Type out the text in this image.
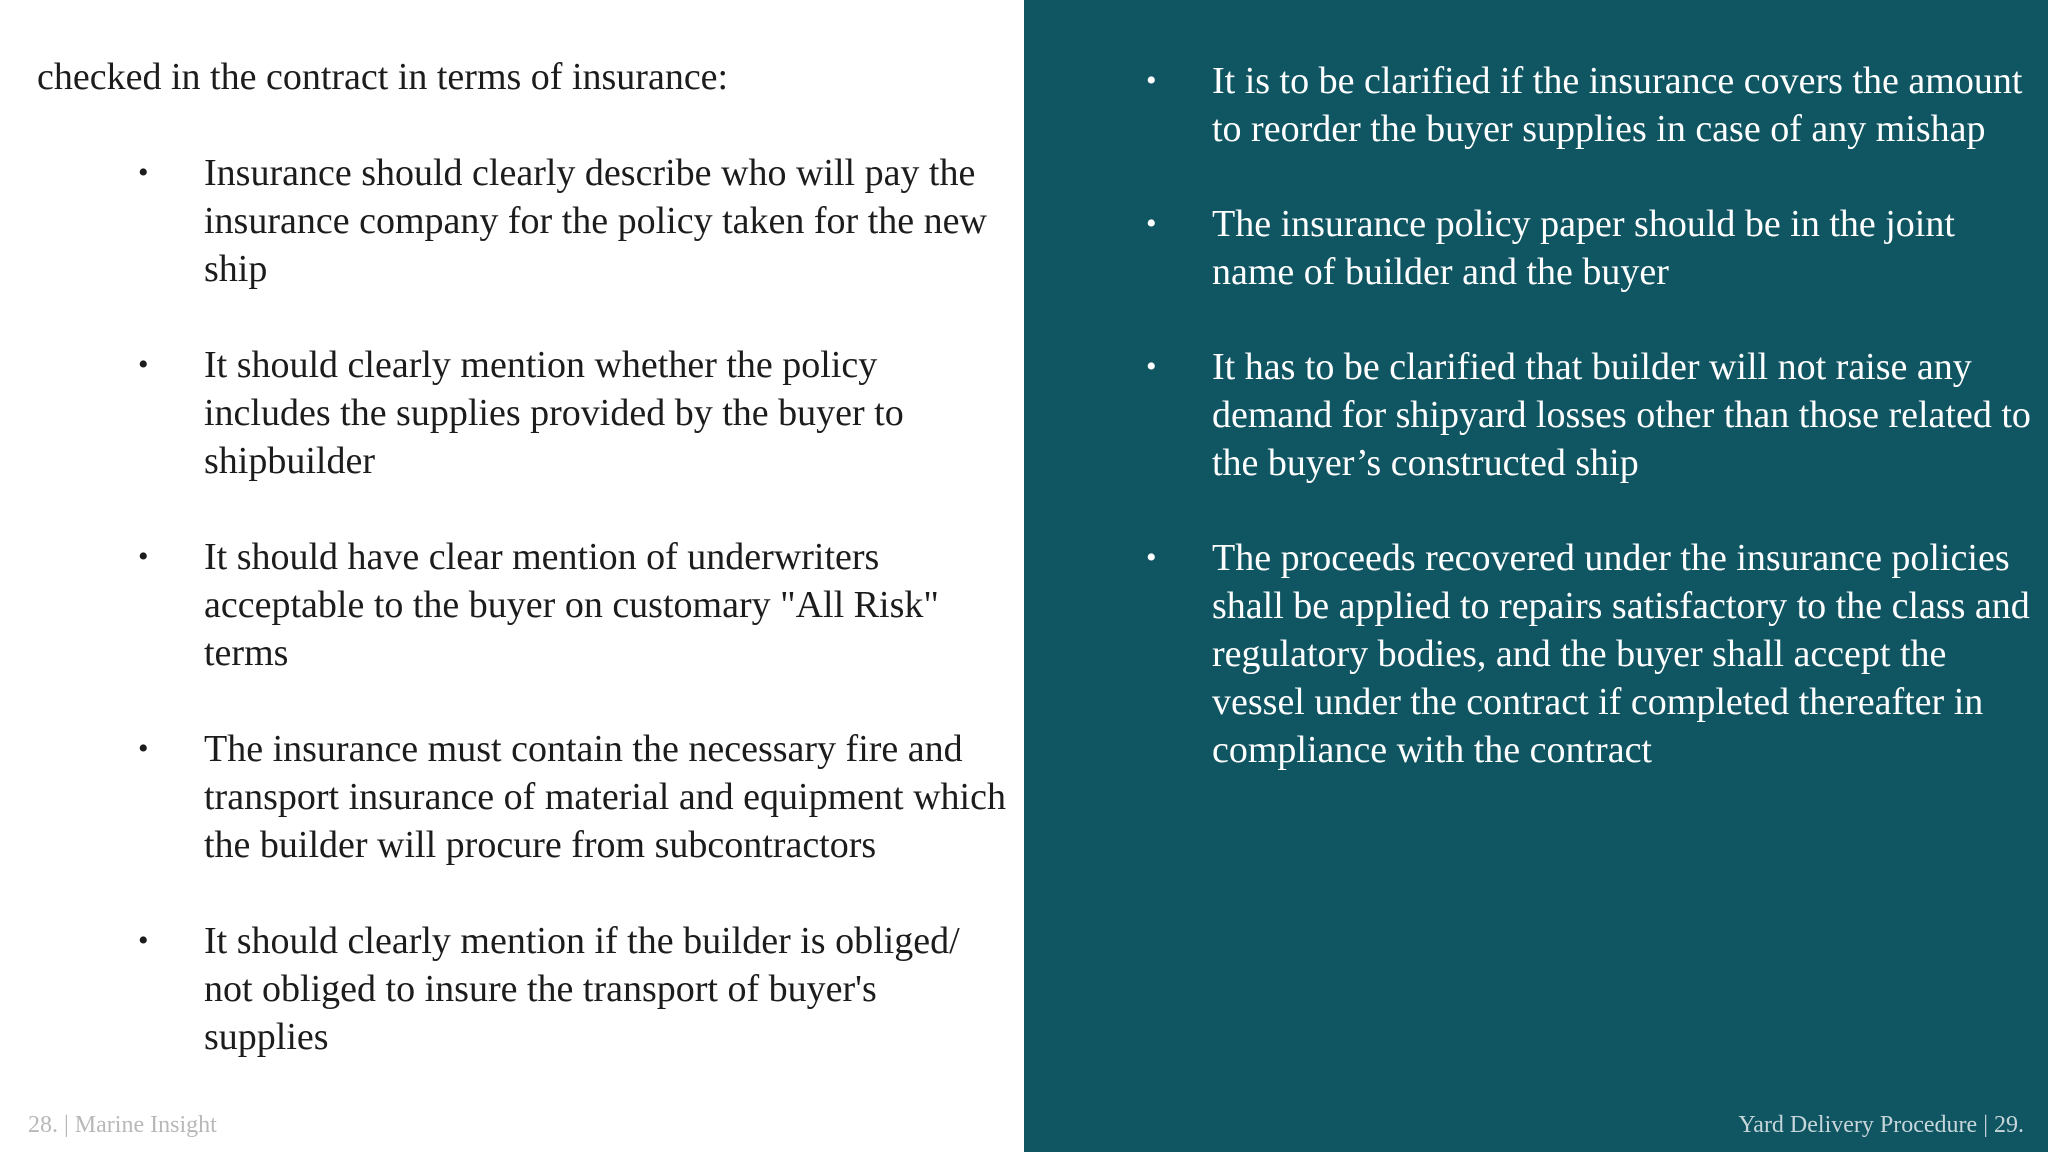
checked in the contract in terms of insurance:

• Insurance should clearly describe who will pay the insurance company for the policy taken for the new ship
• It should clearly mention whether the policy includes the supplies provided by the buyer to shipbuilder
• It should have clear mention of underwriters acceptable to the buyer on customary "All Risk" terms
• The insurance must contain the necessary fire and transport insurance of material and equipment which the builder will procure from subcontractors
• It should clearly mention if the builder is obliged/ not obliged to insure the transport of buyer's supplies

28. | Marine Insight

• It is to be clarified if the insurance covers the amount to reorder the buyer supplies in case of any mishap
• The insurance policy paper should be in the joint name of builder and the buyer
• It has to be clarified that builder will not raise any demand for shipyard losses other than those related to the buyer’s constructed ship
• The proceeds recovered under the insurance policies shall be applied to repairs satisfactory to the class and regulatory bodies, and the buyer shall accept the vessel under the contract if completed thereafter in compliance with the contract

Yard Delivery Procedure | 29.
